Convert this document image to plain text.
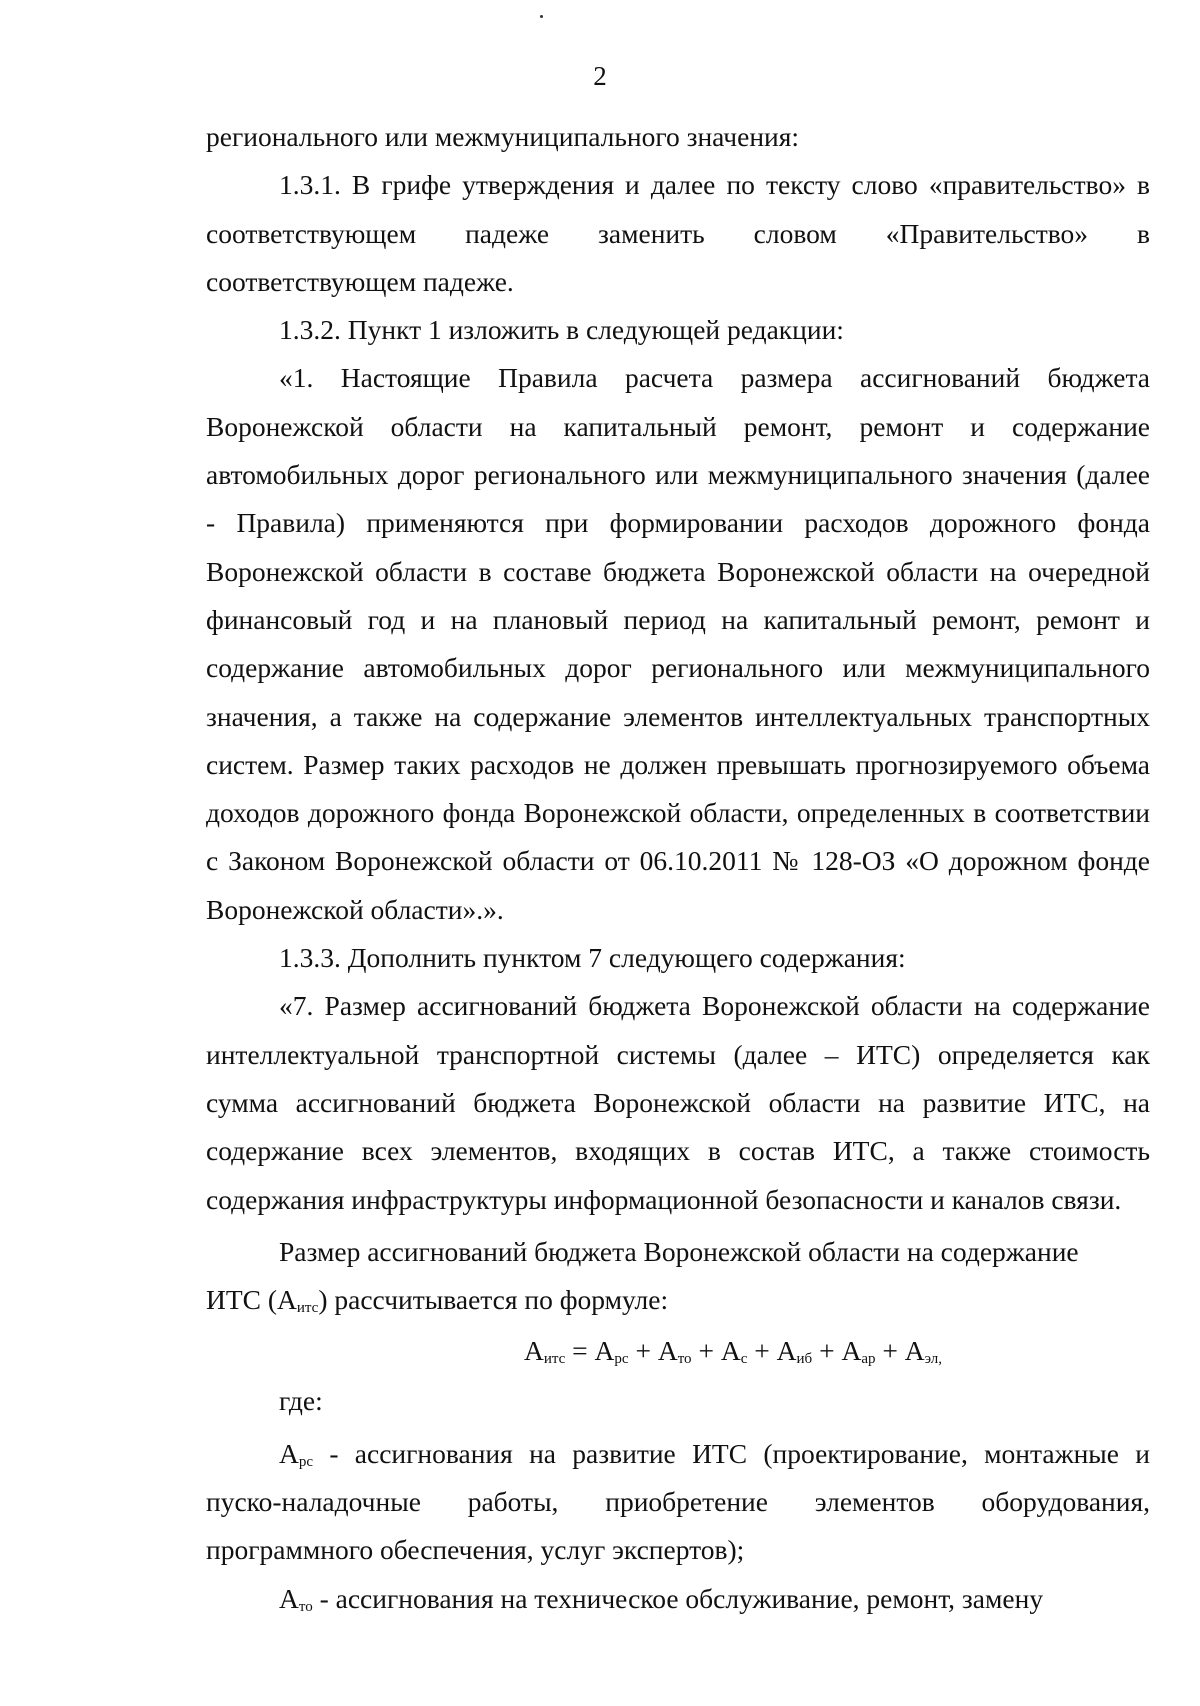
2

регионального или межмуниципального значения:

1.3.1. В грифе утверждения и далее по тексту слово «правительство» в соответствующем падеже заменить словом «Правительство» в соответствующем падеже.

1.3.2. Пункт 1 изложить в следующей редакции:

«1. Настоящие Правила расчета размера ассигнований бюджета Воронежской области на капитальный ремонт, ремонт и содержание автомобильных дорог регионального или межмуниципального значения (далее - Правила) применяются при формировании расходов дорожного фонда Воронежской области в составе бюджета Воронежской области на очередной финансовый год и на плановый период на капитальный ремонт, ремонт и содержание автомобильных дорог регионального или межмуниципального значения, а также на содержание элементов интеллектуальных транспортных систем. Размер таких расходов не должен превышать прогнозируемого объема доходов дорожного фонда Воронежской области, определенных в соответствии с Законом Воронежской области от 06.10.2011 № 128-ОЗ «О дорожном фонде Воронежской области».».

1.3.3. Дополнить пунктом 7 следующего содержания:

«7. Размер ассигнований бюджета Воронежской области на содержание интеллектуальной транспортной системы (далее – ИТС) определяется как сумма ассигнований бюджета Воронежской области на развитие ИТС, на содержание всех элементов, входящих в состав ИТС, а также стоимость содержания инфраструктуры информационной безопасности и каналов связи.

Размер ассигнований бюджета Воронежской области на содержание

ИТС $(А_{итс})$ рассчитывается по формуле:

$А_{итс} = А_{рс} + А_{то} + А_с + А_{иб} + А_{ар} + А_{эл,}$

где:

$А_{рс}$ - ассигнования на развитие ИТС (проектирование, монтажные и пуско-наладочные работы, приобретение элементов оборудования, программного обеспечения, услуг экспертов);

$А_{то}$ - ассигнования на техническое обслуживание, ремонт, замену
